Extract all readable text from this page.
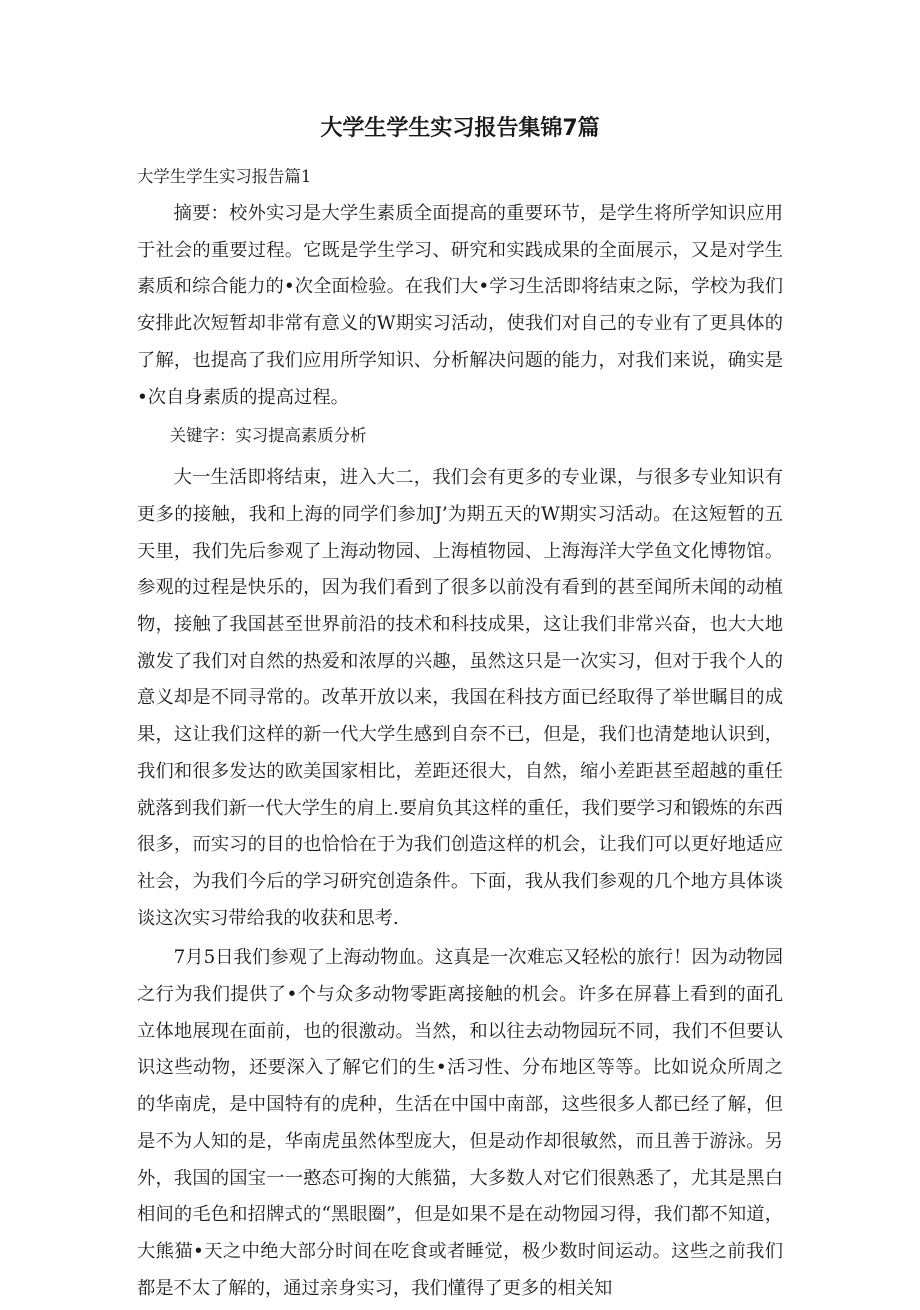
大学生学生实习报告集锦7篇
大学生学生实习报告篇1

摘要：校外实习是大学生素质全面提高的重要环节，是学生将所学知识应用于社会的重要过程。它既是学生学习、研究和实践成果的全面展示，又是对学生素质和综合能力的•次全面检验。在我们大•学习生活即将结束之际，学校为我们安排此次短暂却非常有意义的W期实习活动，使我们对自己的专业有了更具体的了解，也提高了我们应用所学知识、分析解决问题的能力，对我们来说，确实是•次自身素质的提高过程。

关键字：实习提高素质分析

大一生活即将结束，进入大二，我们会有更多的专业课，与很多专业知识有更多的接触，我和上海的同学们参加J’为期五天的W期实习活动。在这短暂的五天里，我们先后参观了上海动物园、上海植物园、上海海洋大学鱼文化博物馆。参观的过程是快乐的，因为我们看到了很多以前没有看到的甚至闻所未闻的动植物，接触了我国甚至世界前沿的技术和科技成果，这让我们非常兴奋，也大大地激发了我们对自然的热爱和浓厚的兴趣，虽然这只是一次实习，但对于我个人的意义却是不同寻常的。改革开放以来，我国在科技方面已经取得了举世瞩目的成果，这让我们这样的新一代大学生感到自奈不已，但是，我们也清楚地认识到，我们和很多发达的欧美国家相比，差距还很大，自然，缩小差距甚至超越的重任就落到我们新一代大学生的肩上.要肩负其这样的重任，我们要学习和锻炼的东西很多，而实习的目的也恰恰在于为我们创造这样的机会，让我们可以更好地适应社会，为我们今后的学习研究创造条件。下面，我从我们参观的几个地方具体谈谈这次实习带给我的收获和思考.

7月5日我们参观了上海动物血。这真是一次难忘又轻松的旅行！因为动物园之行为我们提供了•个与众多动物零距离接触的机会。许多在屏暮上看到的面孔立体地展现在面前，也的很激动。当然，和以往去动物园玩不同，我们不但要认识这些动物，还要深入了解它们的生•活习性、分布地区等等。比如说众所周之的华南虎，是中国特有的虎种，生活在中国中南部，这些很多人都已经了解，但是不为人知的是，华南虎虽然体型庞大，但是动作却很敏然，而且善于游泳。另外，我国的国宝一一憨态可掬的大熊猫，大多数人对它们很熟悉了，尤其是黑白相间的毛色和招牌式的“黑眼圈”，但是如果不是在动物园习得，我们都不知道，大熊猫•天之中绝大部分时间在吃食或者睡觉，极少数时间运动。这些之前我们都是不太了解的，通过亲身实习，我们懂得了更多的相关知
